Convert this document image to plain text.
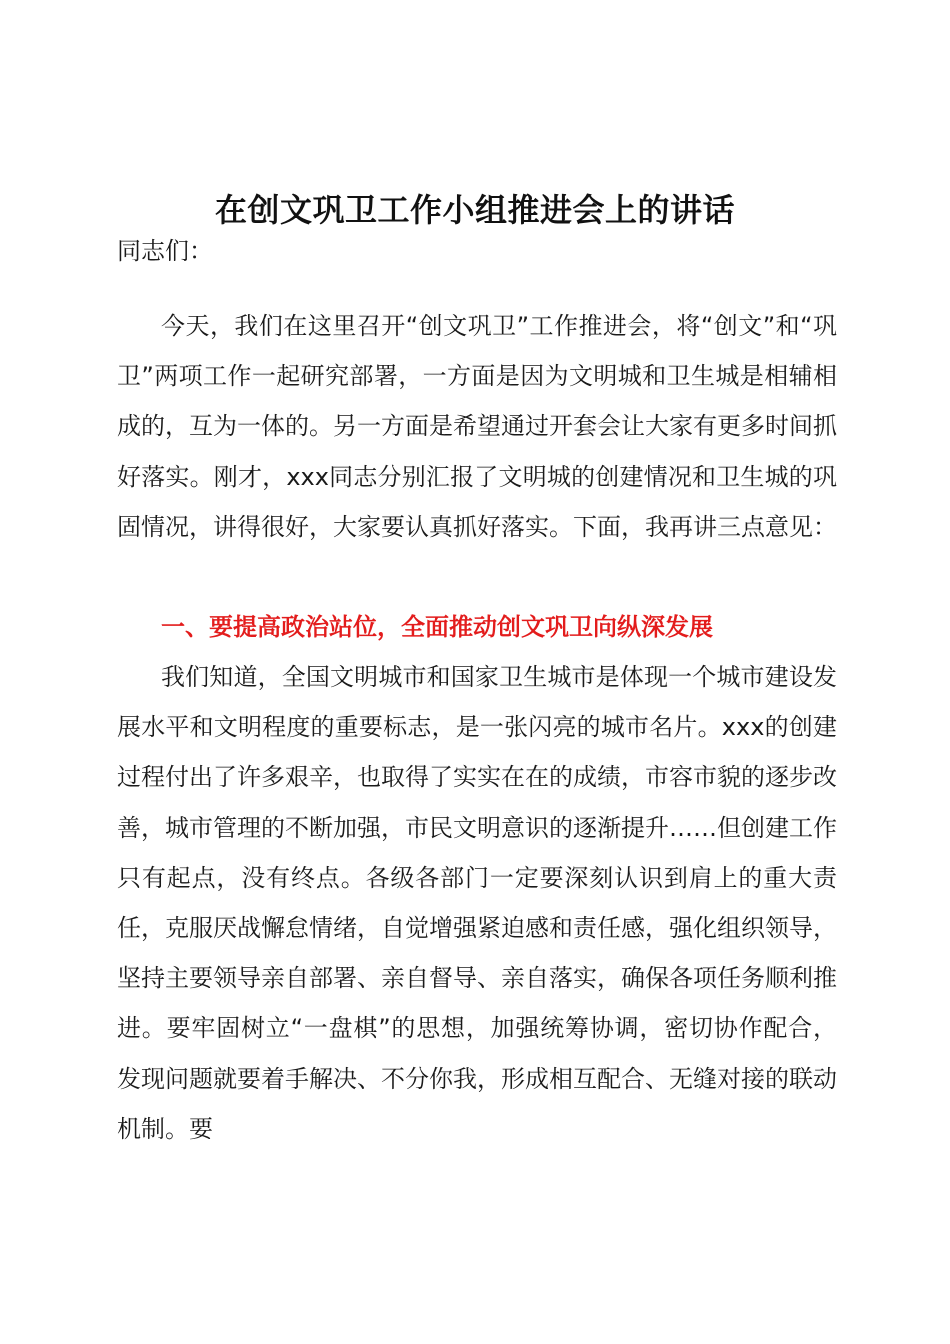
在创文巩卫工作小组推进会上的讲话
同志们：

今天，我们在这里召开“创文巩卫”工作推进会，将“创文”和“巩卫”两项工作一起研究部署，一方面是因为文明城和卫生城是相辅相成的，互为一体的。另一方面是希望通过开套会让大家有更多时间抓好落实。刚才，xxx同志分别汇报了文明城的创建情况和卫生城的巩固情况，讲得很好，大家要认真抓好落实。下面，我再讲三点意见：

一、要提高政治站位，全面推动创文巩卫向纵深发展

我们知道，全国文明城市和国家卫生城市是体现一个城市建设发展水平和文明程度的重要标志，是一张闪亮的城市名片。xxx的创建过程付出了许多艰辛，也取得了实实在在的成绩，市容市貌的逐步改善，城市管理的不断加强，市民文明意识的逐渐提升……但创建工作只有起点，没有终点。各级各部门一定要深刻认识到肩上的重大责任，克服厌战懈怠情绪，自觉增强紧迫感和责任感，强化组织领导，坚持主要领导亲自部署、亲自督导、亲自落实，确保各项任务顺利推进。要牢固树立“一盘棋”的思想，加强统筹协调，密切协作配合，发现问题就要着手解决、不分你我，形成相互配合、无缝对接的联动机制。要
